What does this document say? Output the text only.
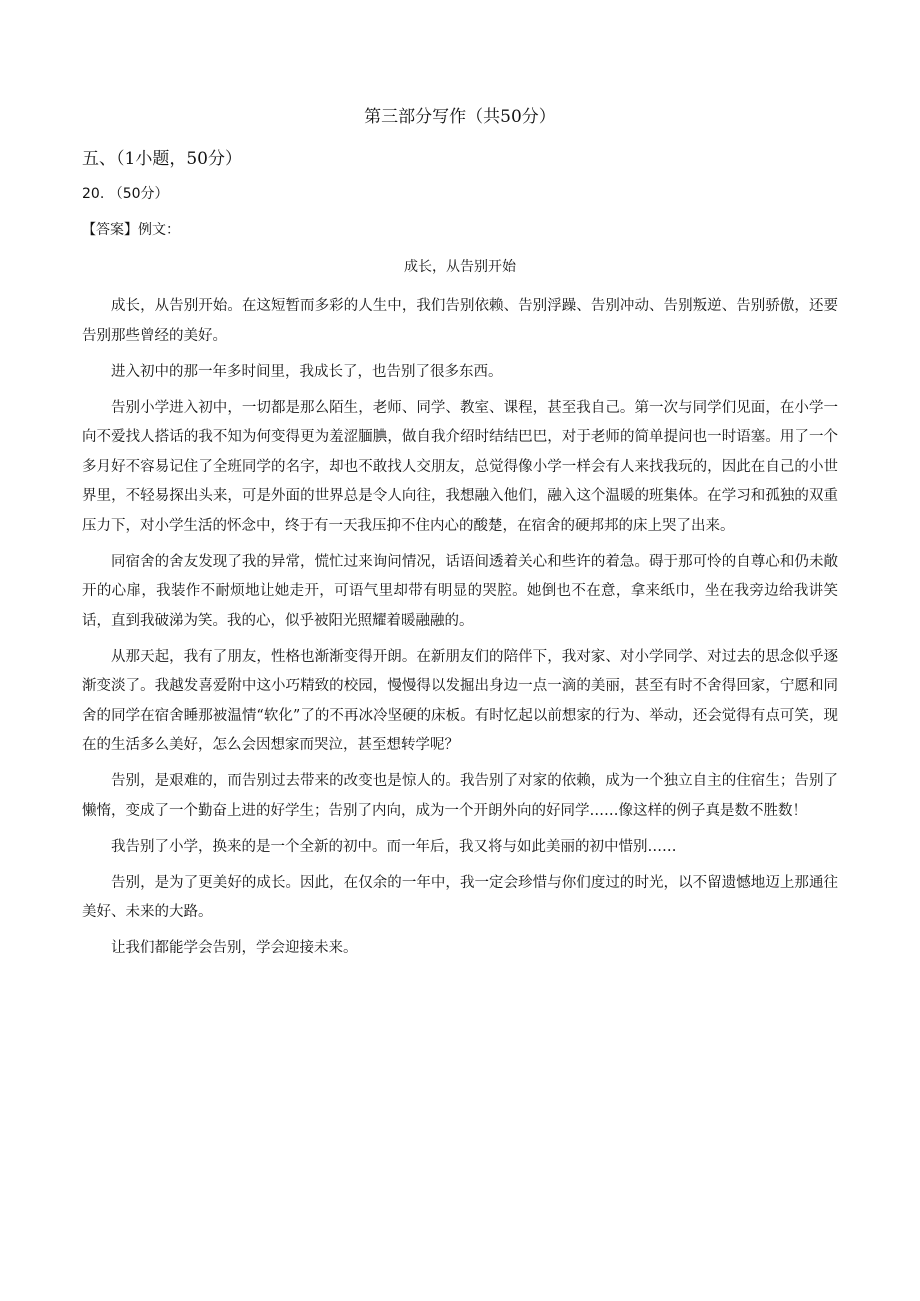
第三部分写作（共50分）
五、（1小题，50分）
20. （50分）
【答案】例文：
成长，从告别开始

成长，从告别开始。在这短暂而多彩的人生中，我们告别依赖、告别浮躁、告别冲动、告别叛逆、告别骄傲，还要告别那些曾经的美好。

进入初中的那一年多时间里，我成长了，也告别了很多东西。

告别小学进入初中，一切都是那么陌生，老师、同学、教室、课程，甚至我自己。第一次与同学们见面，在小学一向不爱找人搭话的我不知为何变得更为羞涩腼腆，做自我介绍时结结巴巴，对于老师的简单提问也一时语塞。用了一个多月好不容易记住了全班同学的名字，却也不敢找人交朋友，总觉得像小学一样会有人来找我玩的，因此在自己的小世界里，不轻易探出头来，可是外面的世界总是令人向往，我想融入他们，融入这个温暖的班集体。在学习和孤独的双重压力下，对小学生活的怀念中，终于有一天我压抑不住内心的酸楚，在宿舍的硬邦邦的床上哭了出来。

同宿舍的舍友发现了我的异常，慌忙过来询问情况，话语间透着关心和些许的着急。碍于那可怜的自尊心和仍未敞开的心扉，我装作不耐烦地让她走开，可语气里却带有明显的哭腔。她倒也不在意，拿来纸巾，坐在我旁边给我讲笑话，直到我破涕为笑。我的心，似乎被阳光照耀着暖融融的。

从那天起，我有了朋友，性格也渐渐变得开朗。在新朋友们的陪伴下，我对家、对小学同学、对过去的思念似乎逐渐变淡了。我越发喜爱附中这小巧精致的校园，慢慢得以发掘出身边一点一滴的美丽，甚至有时不舍得回家，宁愿和同舍的同学在宿舍睡那被温情“软化”了的不再冰冷坚硬的床板。有时忆起以前想家的行为、举动，还会觉得有点可笑，现在的生活多么美好，怎么会因想家而哭泣，甚至想转学呢？

告别，是艰难的，而告别过去带来的改变也是惊人的。我告别了对家的依赖，成为一个独立自主的住宿生；告别了懒惰，变成了一个勤奋上进的好学生；告别了内向，成为一个开朗外向的好同学……像这样的例子真是数不胜数！

我告别了小学，换来的是一个全新的初中。而一年后，我又将与如此美丽的初中惜别……

告别，是为了更美好的成长。因此，在仅余的一年中，我一定会珍惜与你们度过的时光，以不留遗憾地迈上那通往美好、未来的大路。

让我们都能学会告别，学会迎接未来。
